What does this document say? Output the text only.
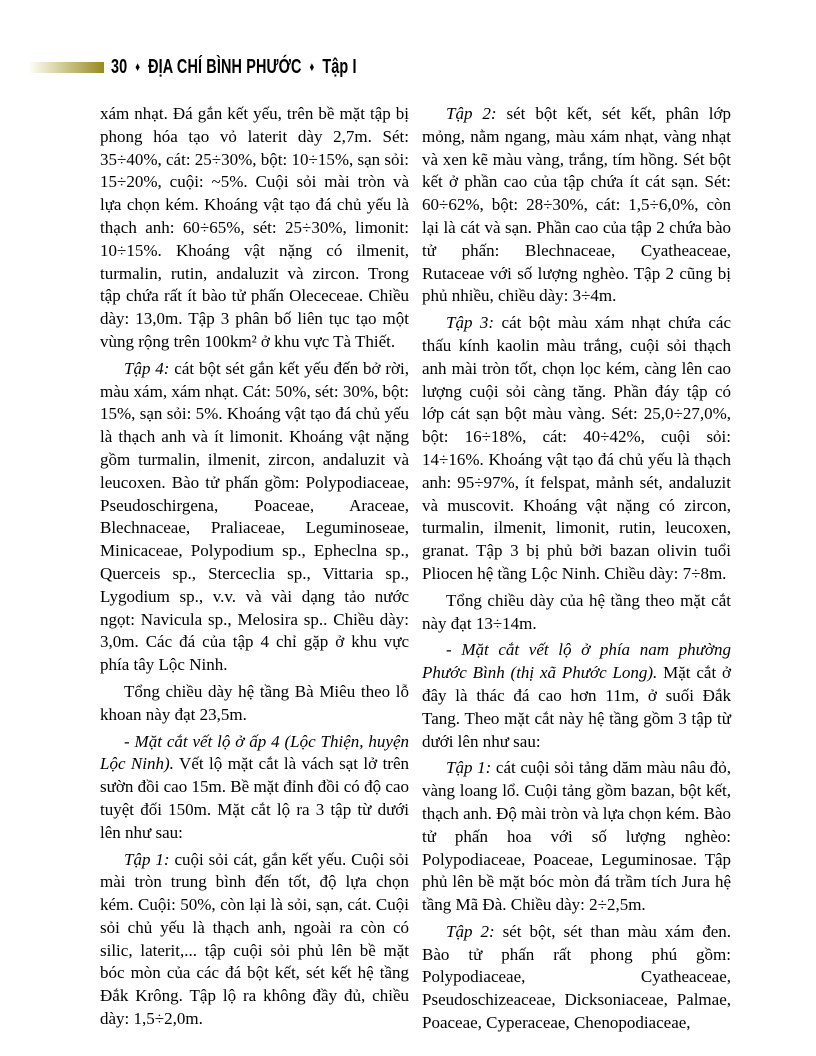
30 ♦ ĐỊA CHÍ BÌNH PHƯỚC ♦ Tập I

xám nhạt. Đá gắn kết yếu, trên bề mặt tập bị phong hóa tạo vỏ laterit dày 2,7m. Sét: 35÷40%, cát: 25÷30%, bột: 10÷15%, sạn sỏi: 15÷20%, cuội: ~5%. Cuội sỏi mài tròn và lựa chọn kém. Khoáng vật tạo đá chủ yếu là thạch anh: 60÷65%, sét: 25÷30%, limonit: 10÷15%. Khoáng vật nặng có ilmenit, turmalin, rutin, andaluzit và zircon. Trong tập chứa rất ít bào tử phấn Olececeae. Chiều dày: 13,0m. Tập 3 phân bố liên tục tạo một vùng rộng trên 100km² ở khu vực Tà Thiết.

Tập 4: cát bột sét gắn kết yếu đến bở rời, màu xám, xám nhạt. Cát: 50%, sét: 30%, bột: 15%, sạn sỏi: 5%. Khoáng vật tạo đá chủ yếu là thạch anh và ít limonit. Khoáng vật nặng gồm turmalin, ilmenit, zircon, andaluzit và leucoxen. Bào tử phấn gồm: Polypodiaceae, Pseudoschirgena, Poaceae, Araceae, Blechnaceae, Praliaceae, Leguminoseae, Minicaceae, Polypodium sp., Epheclna sp., Querceis sp., Sterceclia sp., Vittaria sp., Lygodium sp., v.v. và vài dạng tảo nước ngọt: Navicula sp., Melosira sp.. Chiều dày: 3,0m. Các đá của tập 4 chỉ gặp ở khu vực phía tây Lộc Ninh.

Tổng chiều dày hệ tầng Bà Miêu theo lỗ khoan này đạt 23,5m.

- Mặt cắt vết lộ ở ấp 4 (Lộc Thiện, huyện Lộc Ninh). Vết lộ mặt cắt là vách sạt lở trên sườn đồi cao 15m. Bề mặt đỉnh đồi có độ cao tuyệt đối 150m. Mặt cắt lộ ra 3 tập từ dưới lên như sau:

Tập 1: cuội sỏi cát, gắn kết yếu. Cuội sỏi mài tròn trung bình đến tốt, độ lựa chọn kém. Cuội: 50%, còn lại là sỏi, sạn, cát. Cuội sỏi chủ yếu là thạch anh, ngoài ra còn có silic, laterit,... tập cuội sỏi phủ lên bề mặt bóc mòn của các đá bột kết, sét kết hệ tầng Đắk Krông. Tập lộ ra không đầy đủ, chiều dày: 1,5÷2,0m.

Tập 2: sét bột kết, sét kết, phân lớp mỏng, nằm ngang, màu xám nhạt, vàng nhạt và xen kẽ màu vàng, trắng, tím hồng. Sét bột kết ở phần cao của tập chứa ít cát sạn. Sét: 60÷62%, bột: 28÷30%, cát: 1,5÷6,0%, còn lại là cát và sạn. Phần cao của tập 2 chứa bào tử phấn: Blechnaceae, Cyatheaceae, Rutaceae với số lượng nghèo. Tập 2 cũng bị phủ nhiều, chiều dày: 3÷4m.

Tập 3: cát bột màu xám nhạt chứa các thấu kính kaolin màu trắng, cuội sỏi thạch anh mài tròn tốt, chọn lọc kém, càng lên cao lượng cuội sỏi càng tăng. Phần đáy tập có lớp cát sạn bột màu vàng. Sét: 25,0÷27,0%, bột: 16÷18%, cát: 40÷42%, cuội sỏi: 14÷16%. Khoáng vật tạo đá chủ yếu là thạch anh: 95÷97%, ít felspat, mảnh sét, andaluzit và muscovit. Khoáng vật nặng có zircon, turmalin, ilmenit, limonit, rutin, leucoxen, granat. Tập 3 bị phủ bởi bazan olivin tuổi Pliocen hệ tầng Lộc Ninh. Chiều dày: 7÷8m.

Tổng chiều dày của hệ tầng theo mặt cắt này đạt 13÷14m.

- Mặt cắt vết lộ ở phía nam phường Phước Bình (thị xã Phước Long). Mặt cắt ở đây là thác đá cao hơn 11m, ở suối Đắk Tang. Theo mặt cắt này hệ tầng gồm 3 tập từ dưới lên như sau:

Tập 1: cát cuội sỏi tảng dăm màu nâu đỏ, vàng loang lổ. Cuội tảng gồm bazan, bột kết, thạch anh. Độ mài tròn và lựa chọn kém. Bào tử phấn hoa với số lượng nghèo: Polypodiaceae, Poaceae, Leguminosae. Tập phủ lên bề mặt bóc mòn đá trầm tích Jura hệ tầng Mã Đà. Chiều dày: 2÷2,5m.

Tập 2: sét bột, sét than màu xám đen. Bào tử phấn rất phong phú gồm: Polypodiaceae, Cyatheaceae, Pseudoschizeaceae, Dicksoniaceae, Palmae, Poaceae, Cyperaceae, Chenopodiaceae,
